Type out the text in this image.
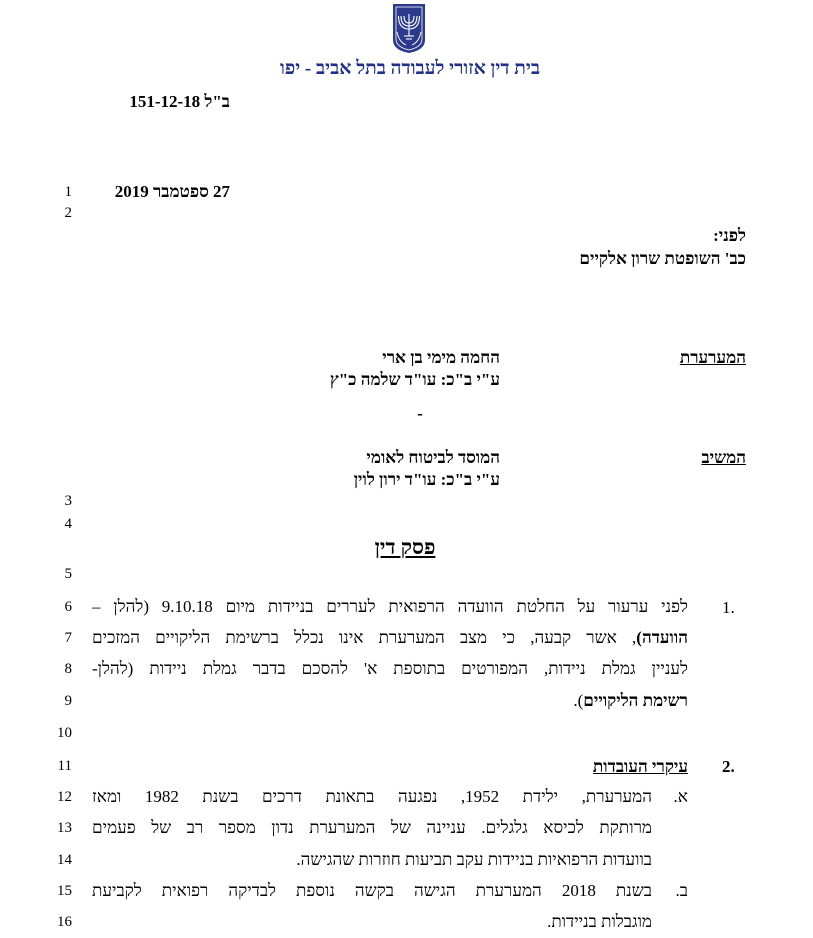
בית דין אזורי לעבודה בתל אביב - יפו
ב"ל 151-12-18
1
2
3
4
5
6
7
8
9
10
11
12
13
14
15
16
27 ספטמבר 2019
לפני:
כב' השופטת שרון אלקיים
המערערת
החמה מימי בן ארי
ע"י ב"כ: עו"ד שלמה כ"ץ
-
המשיב
המוסד לביטוח לאומי
ע"י ב"כ: עו"ד ירון לוין
פסק דין
1.
לפני ערעור על החלטת הוועדה הרפואית לעררים בניידות מיום 9.10.18 (להלן –
הוועדה), אשר קבעה, כי מצב המערערת אינו נכלל ברשימת הליקויים המזכים
לעניין גמלת ניידות, המפורטים בתוספת א' להסכם בדבר גמלת ניידות (להלן-
רשימת הליקויים).
2.
עיקרי העובדות
א.
המערערת, ילידת 1952, נפגעה בתאונת דרכים בשנת 1982 ומאז
מרותקת לכיסא גלגלים. עניינה של המערערת נדון מספר רב של פעמים
בוועדות הרפואיות בניידות עקב תביעות חוזרות שהגישה.
ב.
בשנת 2018 המערערת הגישה בקשה נוספת לבדיקה רפואית לקביעת
מוגבלות בניידות.
